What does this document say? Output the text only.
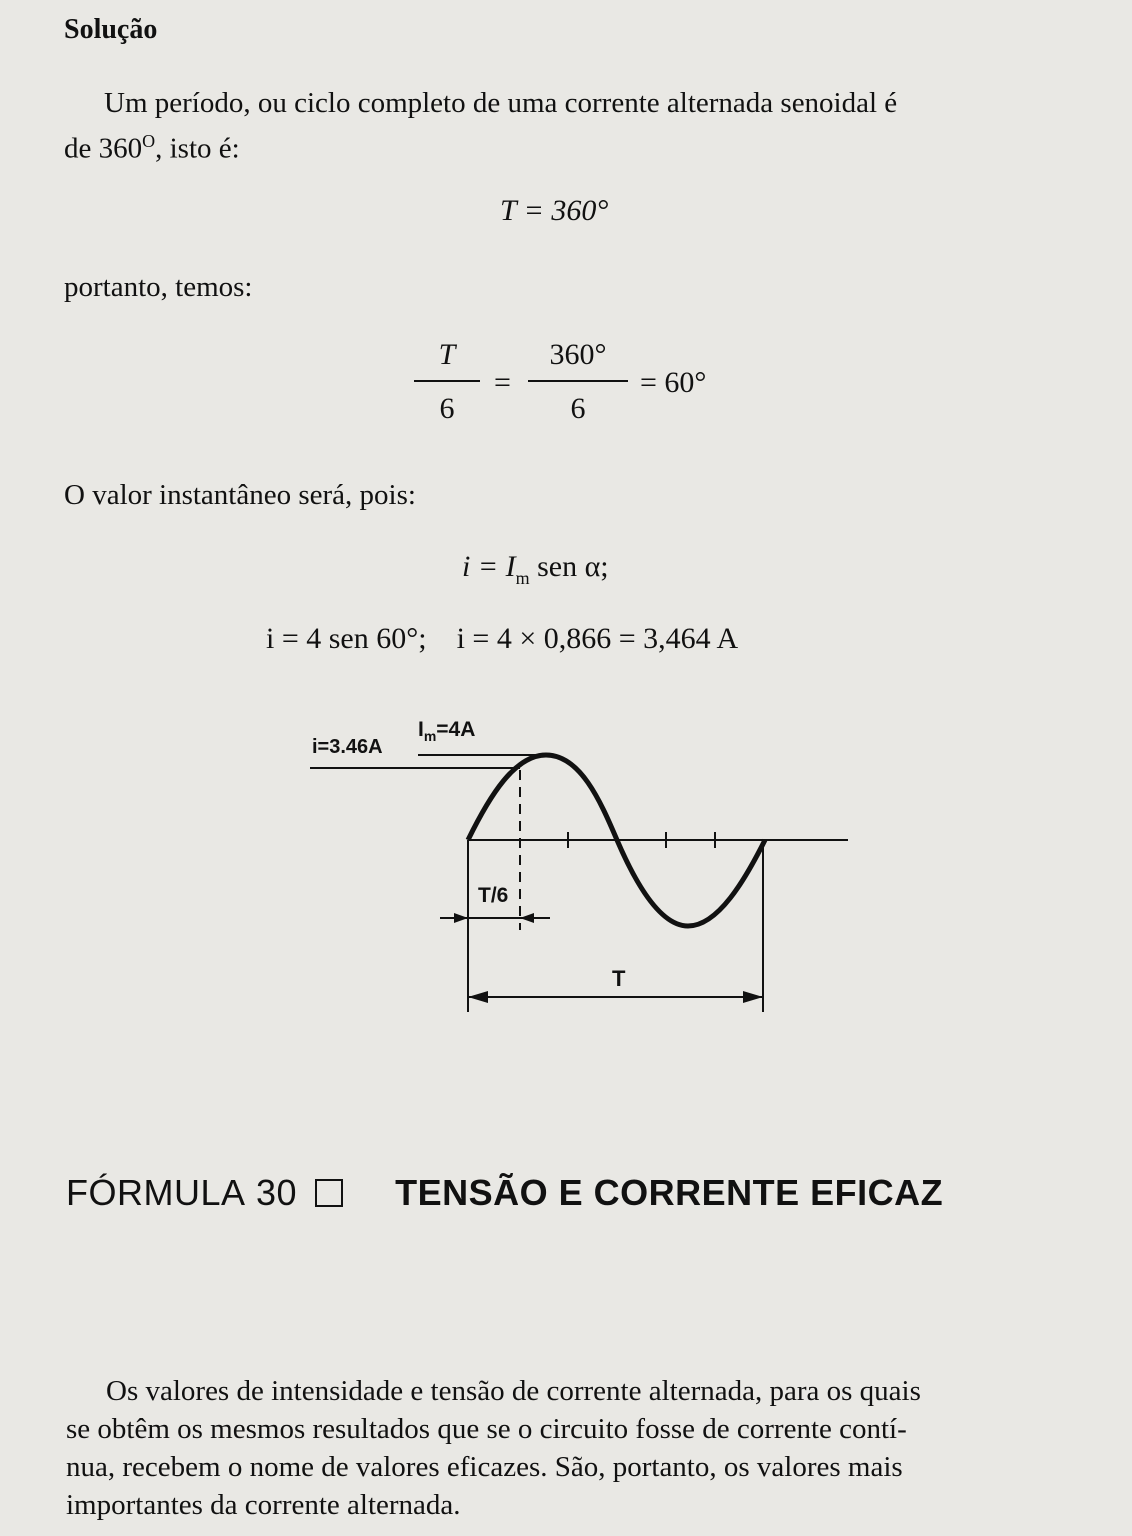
Solução
Um período, ou ciclo completo de uma corrente alternada senoidal é
de $360^O$, isto é:
T = 360°
portanto, temos:
T
6
=
360°
6
= 60°
O valor instantâneo será, pois:
$i = I_m$ sen α;
i = 4 sen 60°; i = 4 × 0,866 = 3,464 A
i=3.46A
$I_m=4A$
T/6
T
FÓRMULA 30	TENSÃO E CORRENTE EFICAZ
Os valores de intensidade e tensão de corrente alternada, para os quais
se obtêm os mesmos resultados que se o circuito fosse de corrente contí-
nua, recebem o nome de valores eficazes. São, portanto, os valores mais
importantes da corrente alternada.
